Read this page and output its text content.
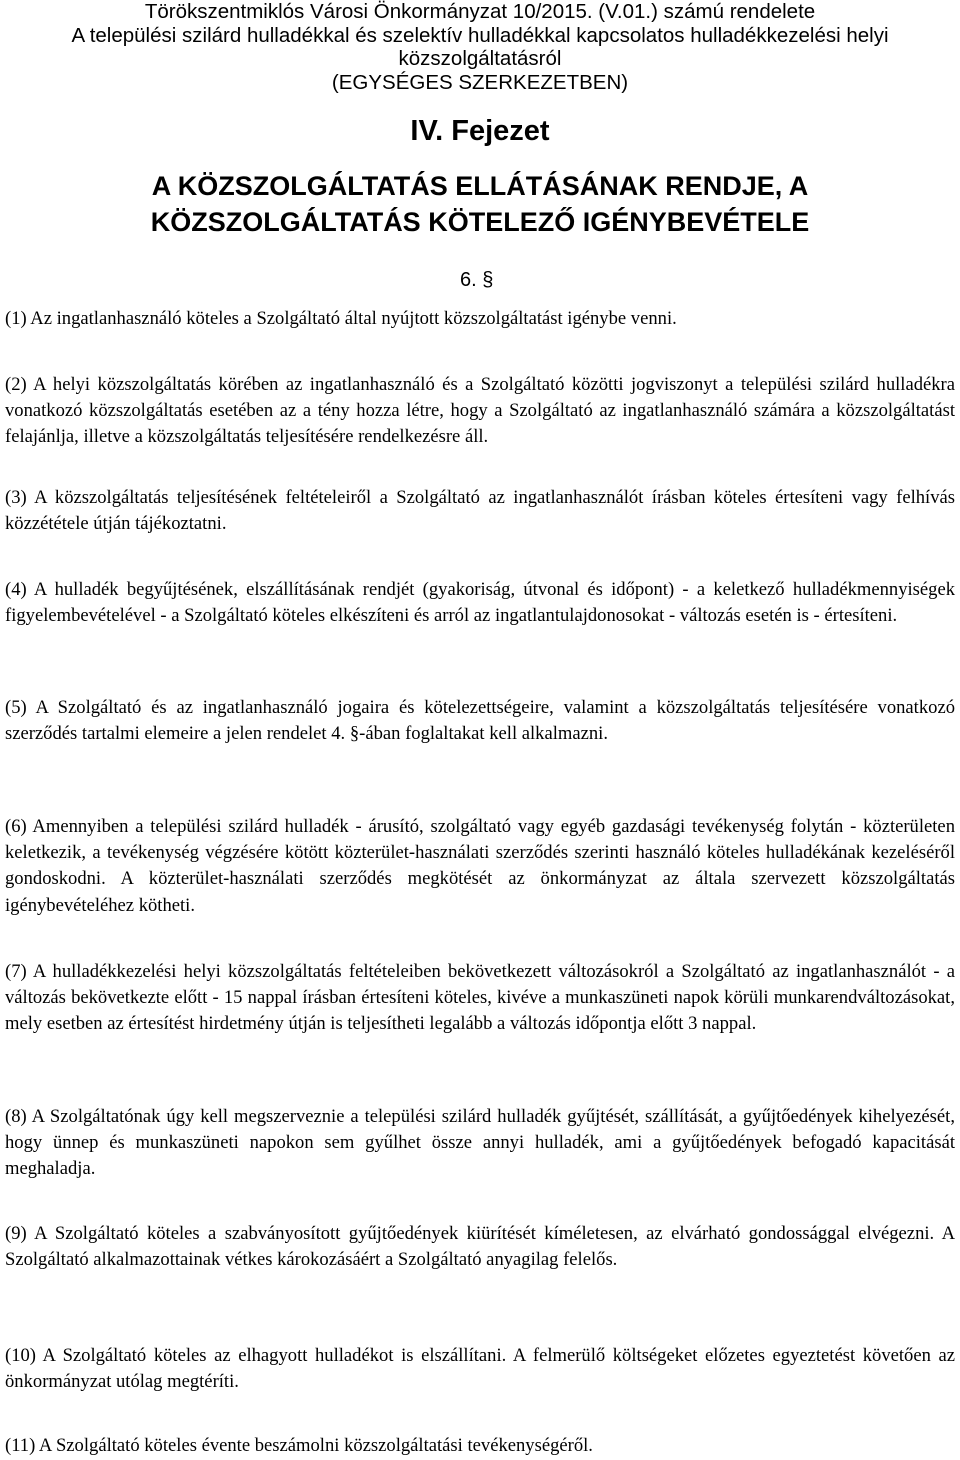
Törökszentmiklós Városi Önkormányzat 10/2015. (V.01.) számú rendelete
A települési szilárd hulladékkal és szelektív hulladékkal kapcsolatos hulladékkezelési helyi
közszolgáltatásról
(EGYSÉGES SZERKEZETBEN)
IV. Fejezet
A KÖZSZOLGÁLTATÁS ELLÁTÁSÁNAK RENDJE, A
KÖZSZOLGÁLTATÁS KÖTELEZŐ IGÉNYBEVÉTELE
6. §
(1) Az ingatlanhasználó köteles a Szolgáltató által nyújtott közszolgáltatást igénybe venni.
(2) A helyi közszolgáltatás körében az ingatlanhasználó és a Szolgáltató közötti jogviszonyt a települési szilárd hulladékra vonatkozó közszolgáltatás esetében az a tény hozza létre, hogy a Szolgáltató az ingatlanhasználó számára a közszolgáltatást felajánlja, illetve a közszolgáltatás teljesítésére rendelkezésre áll.
(3) A közszolgáltatás teljesítésének feltételeiről a Szolgáltató az ingatlanhasználót írásban köteles értesíteni vagy felhívás közzététele útján tájékoztatni.
(4) A hulladék begyűjtésének, elszállításának rendjét (gyakoriság, útvonal és időpont) - a keletkező hulladékmennyiségek figyelembevételével - a Szolgáltató köteles elkészíteni és arról az ingatlantulajdonosokat - változás esetén is - értesíteni.
(5) A Szolgáltató és az ingatlanhasználó jogaira és kötelezettségeire, valamint a közszolgáltatás teljesítésére vonatkozó szerződés tartalmi elemeire a jelen rendelet 4. §-ában foglaltakat kell alkalmazni.
(6) Amennyiben a települési szilárd hulladék - árusító, szolgáltató vagy egyéb gazdasági tevékenység folytán - közterületen keletkezik, a tevékenység végzésére kötött közterület-használati szerződés szerinti használó köteles hulladékának kezeléséről gondoskodni. A közterület-használati szerződés megkötését az önkormányzat az általa szervezett közszolgáltatás igénybevételéhez kötheti.
(7) A hulladékkezelési helyi közszolgáltatás feltételeiben bekövetkezett változásokról a Szolgáltató az ingatlanhasználót - a változás bekövetkezte előtt - 15 nappal írásban értesíteni köteles, kivéve a munkaszüneti napok körüli munkarendváltozásokat, mely esetben az értesítést hirdetmény útján is teljesítheti legalább a változás időpontja előtt 3 nappal.
(8) A Szolgáltatónak úgy kell megszerveznie a települési szilárd hulladék gyűjtését, szállítását, a gyűjtőedények kihelyezését, hogy ünnep és munkaszüneti napokon sem gyűlhet össze annyi hulladék, ami a gyűjtőedények befogadó kapacitását meghaladja.
(9) A Szolgáltató köteles a szabványosított gyűjtőedények kiürítését kíméletesen, az elvárható gondossággal elvégezni. A Szolgáltató alkalmazottainak vétkes károkozásáért a Szolgáltató anyagilag felelős.
(10) A Szolgáltató köteles az elhagyott hulladékot is elszállítani. A felmerülő költségeket előzetes egyeztetést követően az önkormányzat utólag megtéríti.
(11) A Szolgáltató köteles évente beszámolni közszolgáltatási tevékenységéről.
